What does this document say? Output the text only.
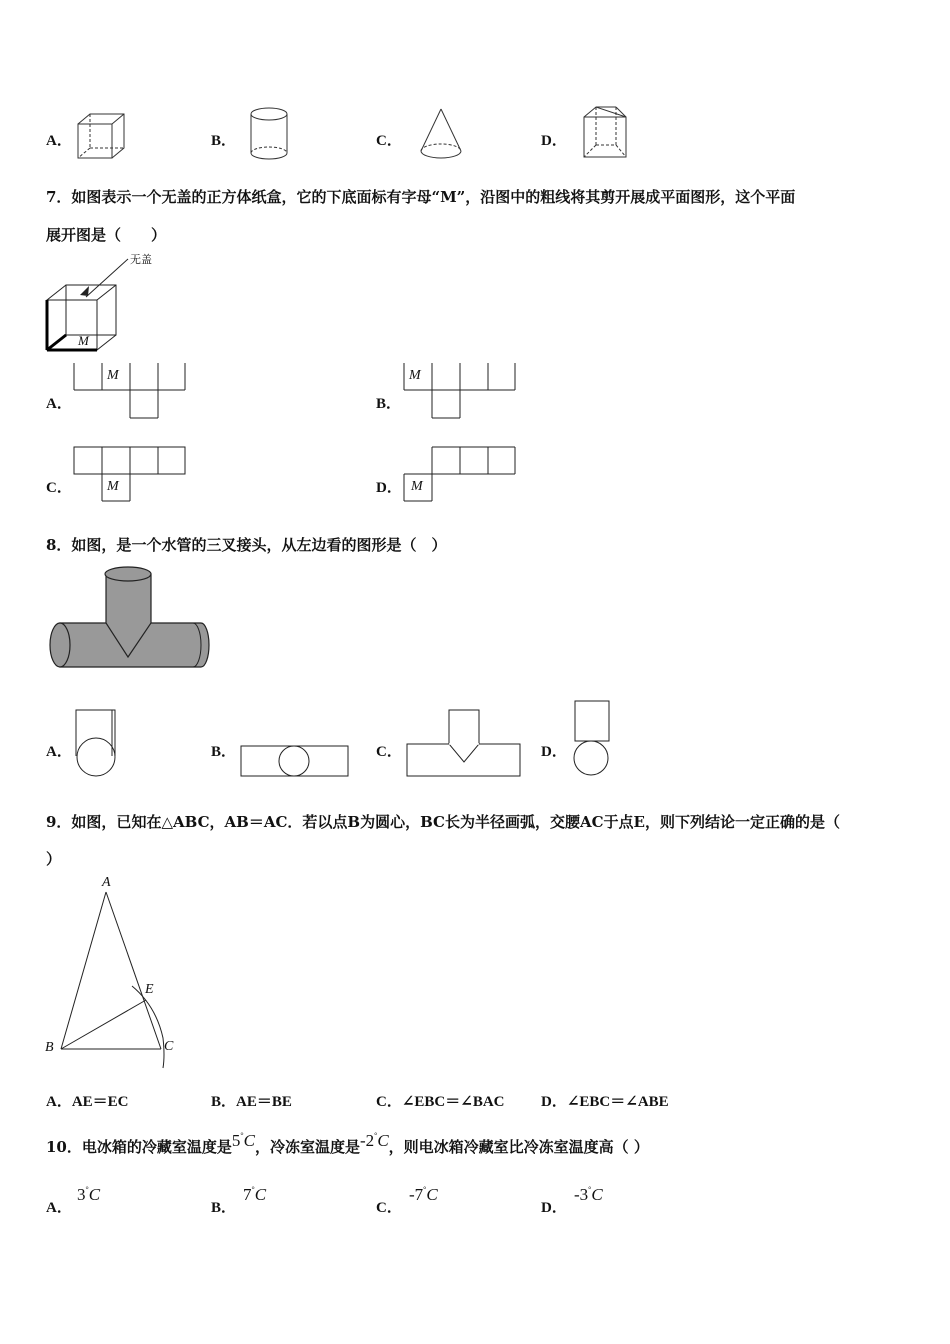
A．	B．	C．	D．
7．如图表示一个无盖的正方体纸盒，它的下底面标有字母“M”，沿图中的粗线将其剪开展成平面图形，这个平面
展开图是（　　）
无盖
M
A．
M
B．
M
C．	M	D． M
8．如图，是一个水管的三叉接头，从左边看的图形是（　）
A．	B．	C．	D．
9．如图，已知在△ABC，AB＝AC．若以点B为圆心，BC长为半径画弧，交腰AC于点E，则下列结论一定正确的是（
）
A
B	C
E
A．AE＝EC	B．AE＝BE	C．∠EBC＝∠BAC D．∠EBC＝∠ABE
10．电冰箱的冷藏室温度是5°C，冷冻室温度是-2°C，则电冰箱冷藏室比冷冻室温度高（ ）
A．
3°C
B．
7°C
C．
-7°C
D．
-3°C
